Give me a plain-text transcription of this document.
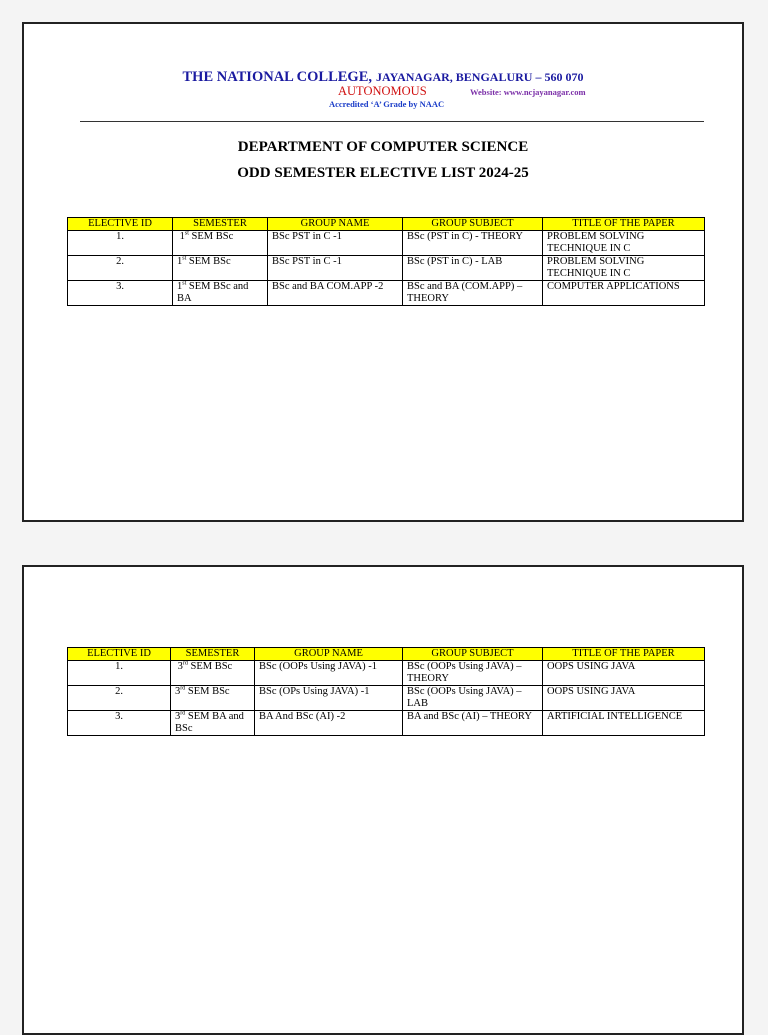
THE NATIONAL COLLEGE, JAYANAGAR, BENGALURU – 560 070
AUTONOMOUS	Website: www.ncjayanagar.com
Accredited ‘A’ Grade by NAAC
DEPARTMENT OF COMPUTER SCIENCE
ODD SEMESTER ELECTIVE LIST 2024-25
ELECTIVE ID	SEMESTER	GROUP NAME	GROUP SUBJECT	TITLE OF THE PAPER
1.	1st SEM BSc	BSc PST in C -1	BSc (PST in C) - THEORY	PROBLEM SOLVING TECHNIQUE IN C
2.	1st SEM BSc	BSc PST in C -1	BSc (PST in C) - LAB	PROBLEM SOLVING TECHNIQUE IN C
3.	1st SEM BSc and BA	BSc and BA COM.APP -2	BSc and BA (COM.APP) – THEORY	COMPUTER APPLICATIONS
ELECTIVE ID	SEMESTER	GROUP NAME	GROUP SUBJECT	TITLE OF THE PAPER
1.	3rd SEM BSc	BSc (OOPs Using JAVA) -1	BSc (OOPs Using JAVA) – THEORY	OOPS USING JAVA
2.	3rd SEM BSc	BSc (OPs Using JAVA) -1	BSc (OOPs Using JAVA) – LAB	OOPS USING JAVA
3.	3rd SEM BA and BSc	BA And BSc (AI) -2	BA and BSc (AI) – THEORY	ARTIFICIAL INTELLIGENCE
